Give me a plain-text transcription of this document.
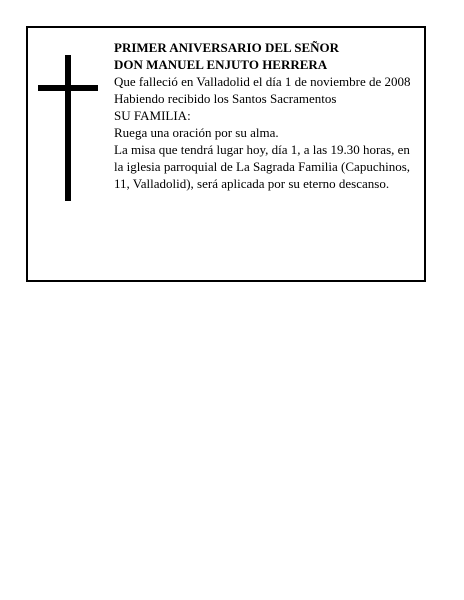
PRIMER ANIVERSARIO DEL SEÑOR

DON MANUEL ENJUTO HERRERA

Que falleció en Valladolid el día 1 de noviembre de 2008

Habiendo recibido los Santos Sacramentos

SU FAMILIA:

Ruega una oración por su alma.

La misa que tendrá lugar hoy, día 1, a las 19.30 horas, en la iglesia parroquial de La Sagrada Familia (Capuchinos, 11, Valladolid), será aplicada por su eterno descanso.
